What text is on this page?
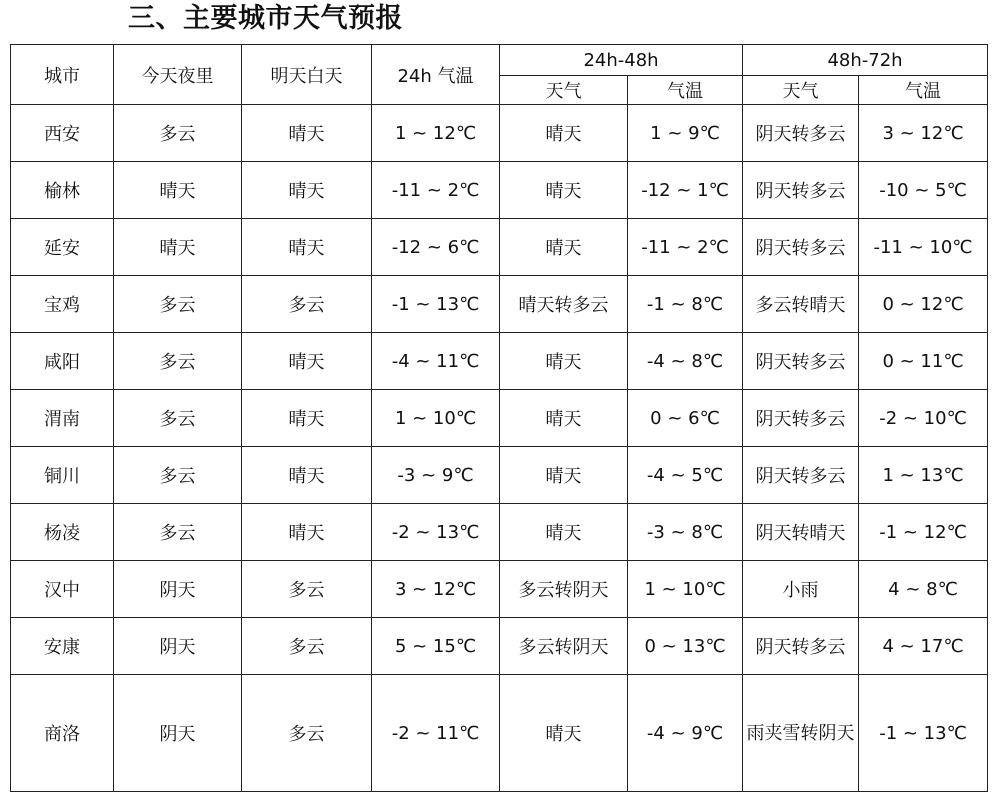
三、主要城市天气预报
城市	今天夜里	明天白天	24h 气温	24h-48h		48h-72h	
				天气	气温	天气	气温
西安	多云	晴天	1 ~ 12℃	晴天	1 ~ 9℃	阴天转多云	3 ~ 12℃
榆林	晴天	晴天	-11 ~ 2℃	晴天	-12 ~ 1℃	阴天转多云	-10 ~ 5℃
延安	晴天	晴天	-12 ~ 6℃	晴天	-11 ~ 2℃	阴天转多云	-11 ~ 10℃
宝鸡	多云	多云	-1 ~ 13℃	晴天转多云	-1 ~ 8℃	多云转晴天	0 ~ 12℃
咸阳	多云	晴天	-4 ~ 11℃	晴天	-4 ~ 8℃	阴天转多云	0 ~ 11℃
渭南	多云	晴天	1 ~ 10℃	晴天	0 ~ 6℃	阴天转多云	-2 ~ 10℃
铜川	多云	晴天	-3 ~ 9℃	晴天	-4 ~ 5℃	阴天转多云	1 ~ 13℃
杨凌	多云	晴天	-2 ~ 13℃	晴天	-3 ~ 8℃	阴天转晴天	-1 ~ 12℃
汉中	阴天	多云	3 ~ 12℃	多云转阴天	1 ~ 10℃	小雨	4 ~ 8℃
安康	阴天	多云	5 ~ 15℃	多云转阴天	0 ~ 13℃	阴天转多云	4 ~ 17℃
商洛	阴天	多云	-2 ~ 11℃	晴天	-4 ~ 9℃	雨夹雪转阴天	-1 ~ 13℃
